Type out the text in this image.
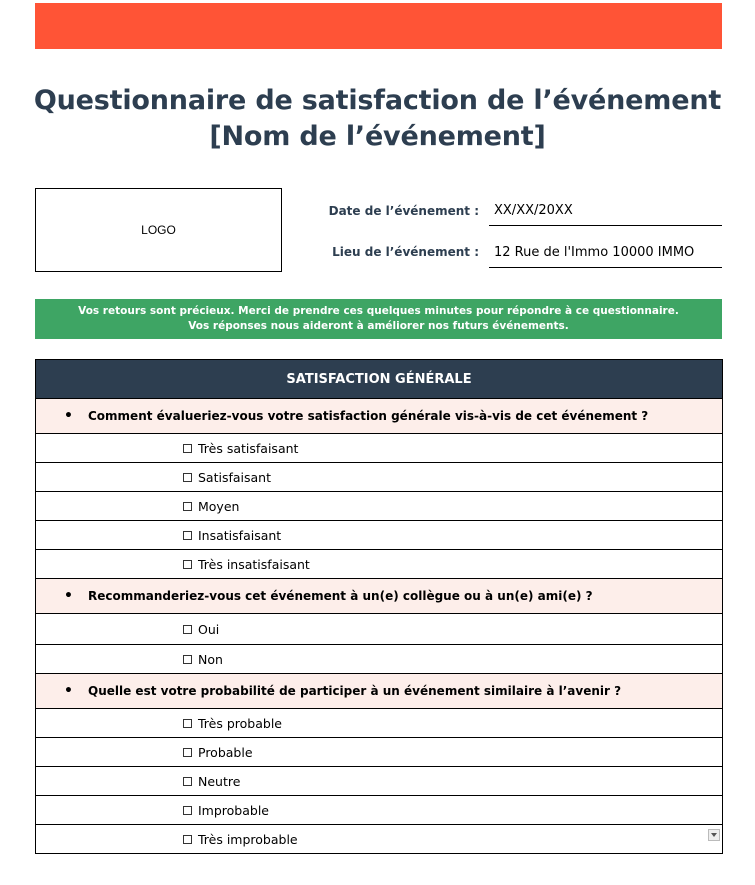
Questionnaire de satisfaction de l’événement
[Nom de l’événement]
LOGO
Date de l’événement :	XX/XX/20XX
Lieu de l’événement :	12 Rue de l'Immo 10000 IMMO
Vos retours sont précieux. Merci de prendre ces quelques minutes pour répondre à ce questionnaire.
Vos réponses nous aideront à améliorer nos futurs événements.
SATISFACTION GÉNÉRALE
• Comment évalueriez-vous votre satisfaction générale vis-à-vis de cet événement ?
Très satisfaisant
Satisfaisant
Moyen
Insatisfaisant
Très insatisfaisant
• Recommanderiez-vous cet événement à un(e) collègue ou à un(e) ami(e) ?
Oui
Non
• Quelle est votre probabilité de participer à un événement similaire à l’avenir ?
Très probable
Probable
Neutre
Improbable
Très improbable
